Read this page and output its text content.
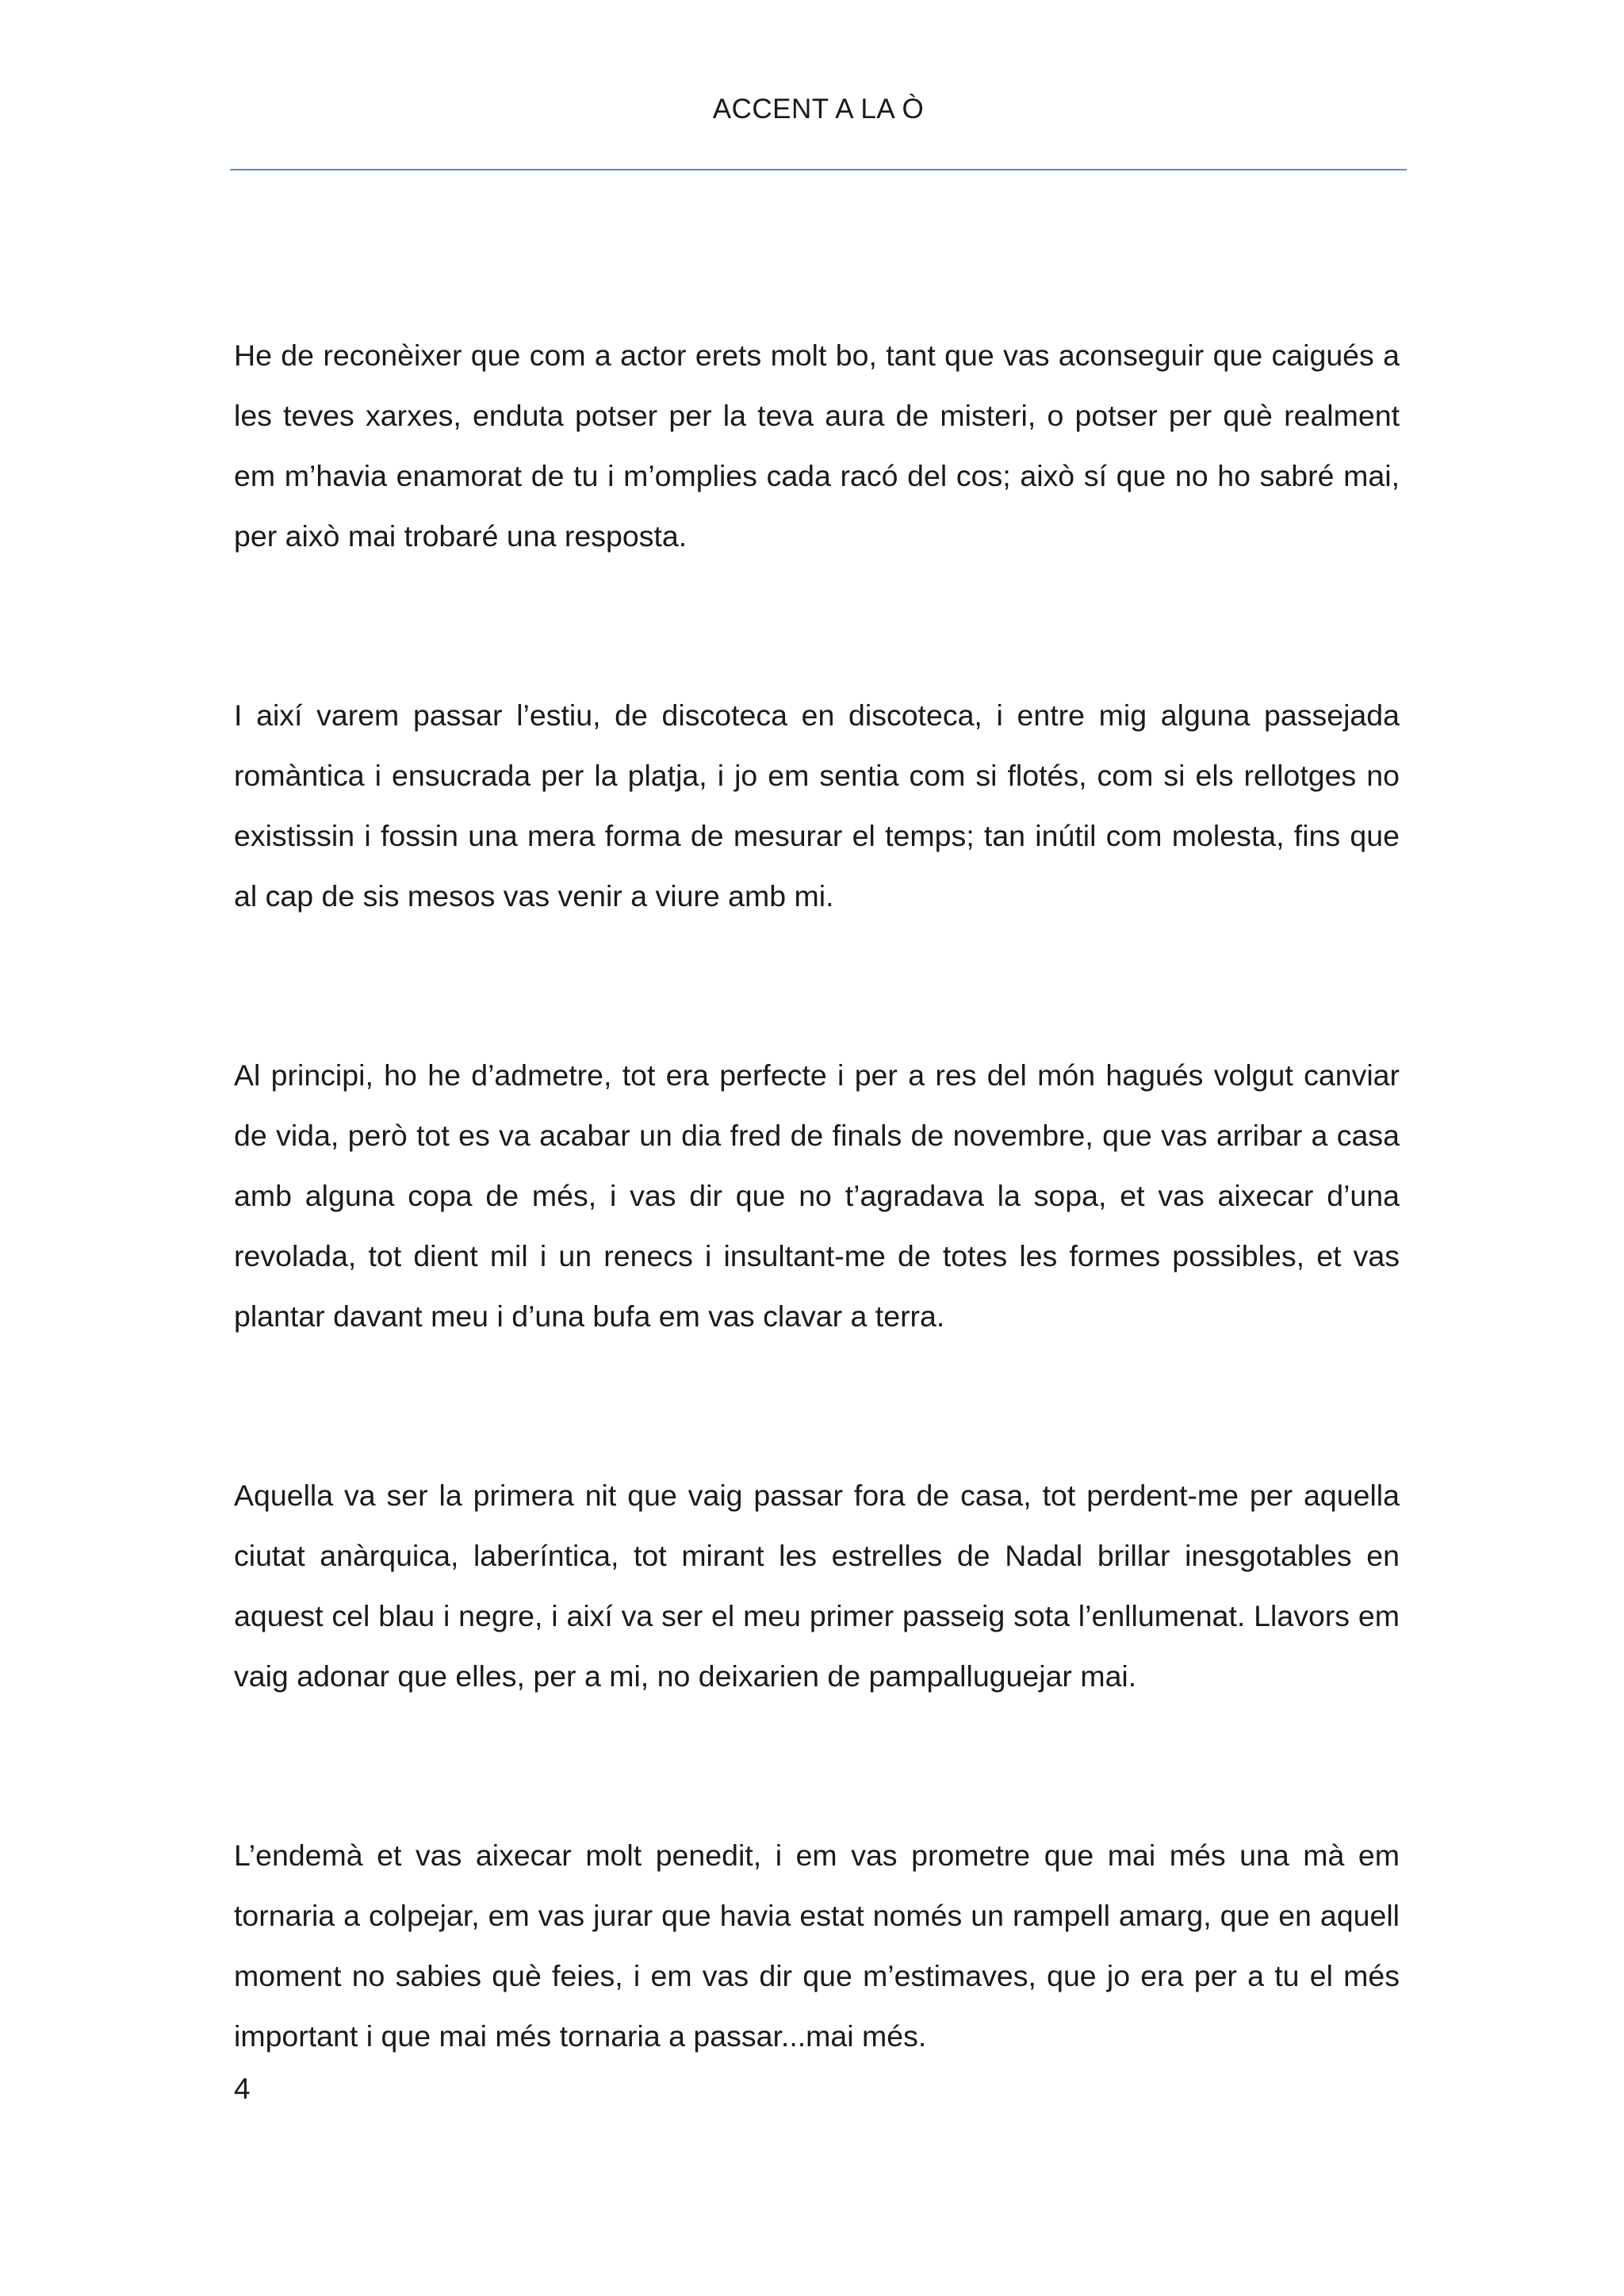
ACCENT A LA Ò

He de reconèixer que com a actor erets molt bo, tant que vas aconseguir que caigués a les teves xarxes, enduta potser per la teva aura de misteri, o potser per què realment em m’havia enamorat de tu i m’omplies cada racó del cos; això sí que no ho sabré mai, per això mai trobaré una resposta.

I així varem passar l’estiu, de discoteca en discoteca, i entre mig alguna passejada romàntica i ensucrada per la platja, i jo em sentia com si flotés, com si els rellotges no existissin i fossin una mera forma de mesurar el temps; tan inútil com molesta, fins que al cap de sis mesos vas venir a viure amb mi.

Al principi, ho he d’admetre, tot era perfecte i per a res del món hagués volgut canviar de vida, però tot es va acabar un dia fred de finals de novembre, que vas arribar a casa amb alguna copa de més, i vas dir que no t’agradava la sopa, et vas aixecar d’una revolada, tot dient mil i un renecs i insultant-me de totes les formes possibles, et vas plantar davant meu i d’una bufa em vas clavar a terra.

Aquella va ser la primera nit que vaig passar fora de casa, tot perdent-me per aquella ciutat anàrquica, laberíntica, tot mirant les estrelles de Nadal brillar inesgotables en aquest cel blau i negre, i així va ser el meu primer passeig sota l’enllumenat. Llavors em vaig adonar que elles, per a mi, no deixarien de pampalluguejar mai.

L’endemà et vas aixecar molt penedit, i em vas prometre que mai més una mà em tornaria a colpejar, em vas jurar que havia estat només un rampell amarg, que en aquell moment no sabies què feies, i em vas dir que m’estimaves, que jo era per a tu el més important i que mai més tornaria a passar...mai més.

4
